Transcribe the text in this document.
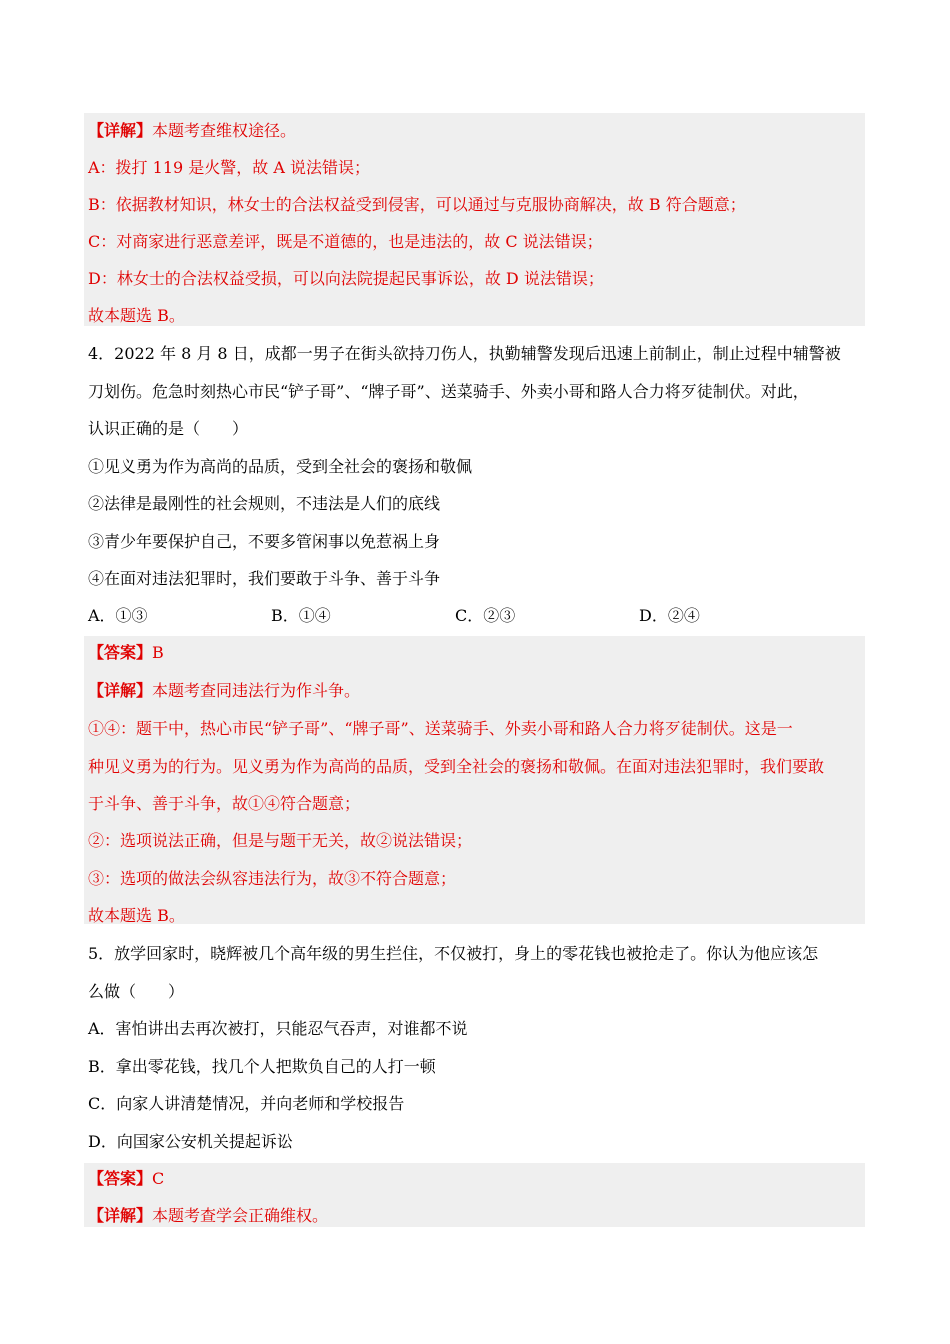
【详解】本题考查维权途径。
A：拨打 119 是火警，故 A 说法错误；
B：依据教材知识，林女士的合法权益受到侵害，可以通过与克服协商解决，故 B 符合题意；
C：对商家进行恶意差评，既是不道德的，也是违法的，故 C 说法错误；
D：林女士的合法权益受损，可以向法院提起民事诉讼，故 D 说法错误；
故本题选 B。
4．2022 年 8 月 8 日，成都一男子在街头欲持刀伤人，执勤辅警发现后迅速上前制止，制止过程中辅警被
刀划伤。危急时刻热心市民“铲子哥”、“牌子哥”、送菜骑手、外卖小哥和路人合力将歹徒制伏。对此，
认识正确的是（　　）
①见义勇为作为高尚的品质，受到全社会的褒扬和敬佩
②法律是最刚性的社会规则，不违法是人们的底线
③青少年要保护自己，不要多管闲事以免惹祸上身
④在面对违法犯罪时，我们要敢于斗争、善于斗争
A．①③	B．①④	C．②③	D．②④
【答案】B
【详解】本题考查同违法行为作斗争。
①④：题干中，热心市民“铲子哥”、“牌子哥”、送菜骑手、外卖小哥和路人合力将歹徒制伏。这是一
种见义勇为的行为。见义勇为作为高尚的品质，受到全社会的褒扬和敬佩。在面对违法犯罪时，我们要敢
于斗争、善于斗争，故①④符合题意；
②：选项说法正确，但是与题干无关，故②说法错误；
③：选项的做法会纵容违法行为，故③不符合题意；
故本题选 B。
5．放学回家时，晓辉被几个高年级的男生拦住，不仅被打，身上的零花钱也被抢走了。你认为他应该怎
么做（　　）
A．害怕讲出去再次被打，只能忍气吞声，对谁都不说
B．拿出零花钱，找几个人把欺负自己的人打一顿
C．向家人讲清楚情况，并向老师和学校报告
D．向国家公安机关提起诉讼
【答案】C
【详解】本题考查学会正确维权。
